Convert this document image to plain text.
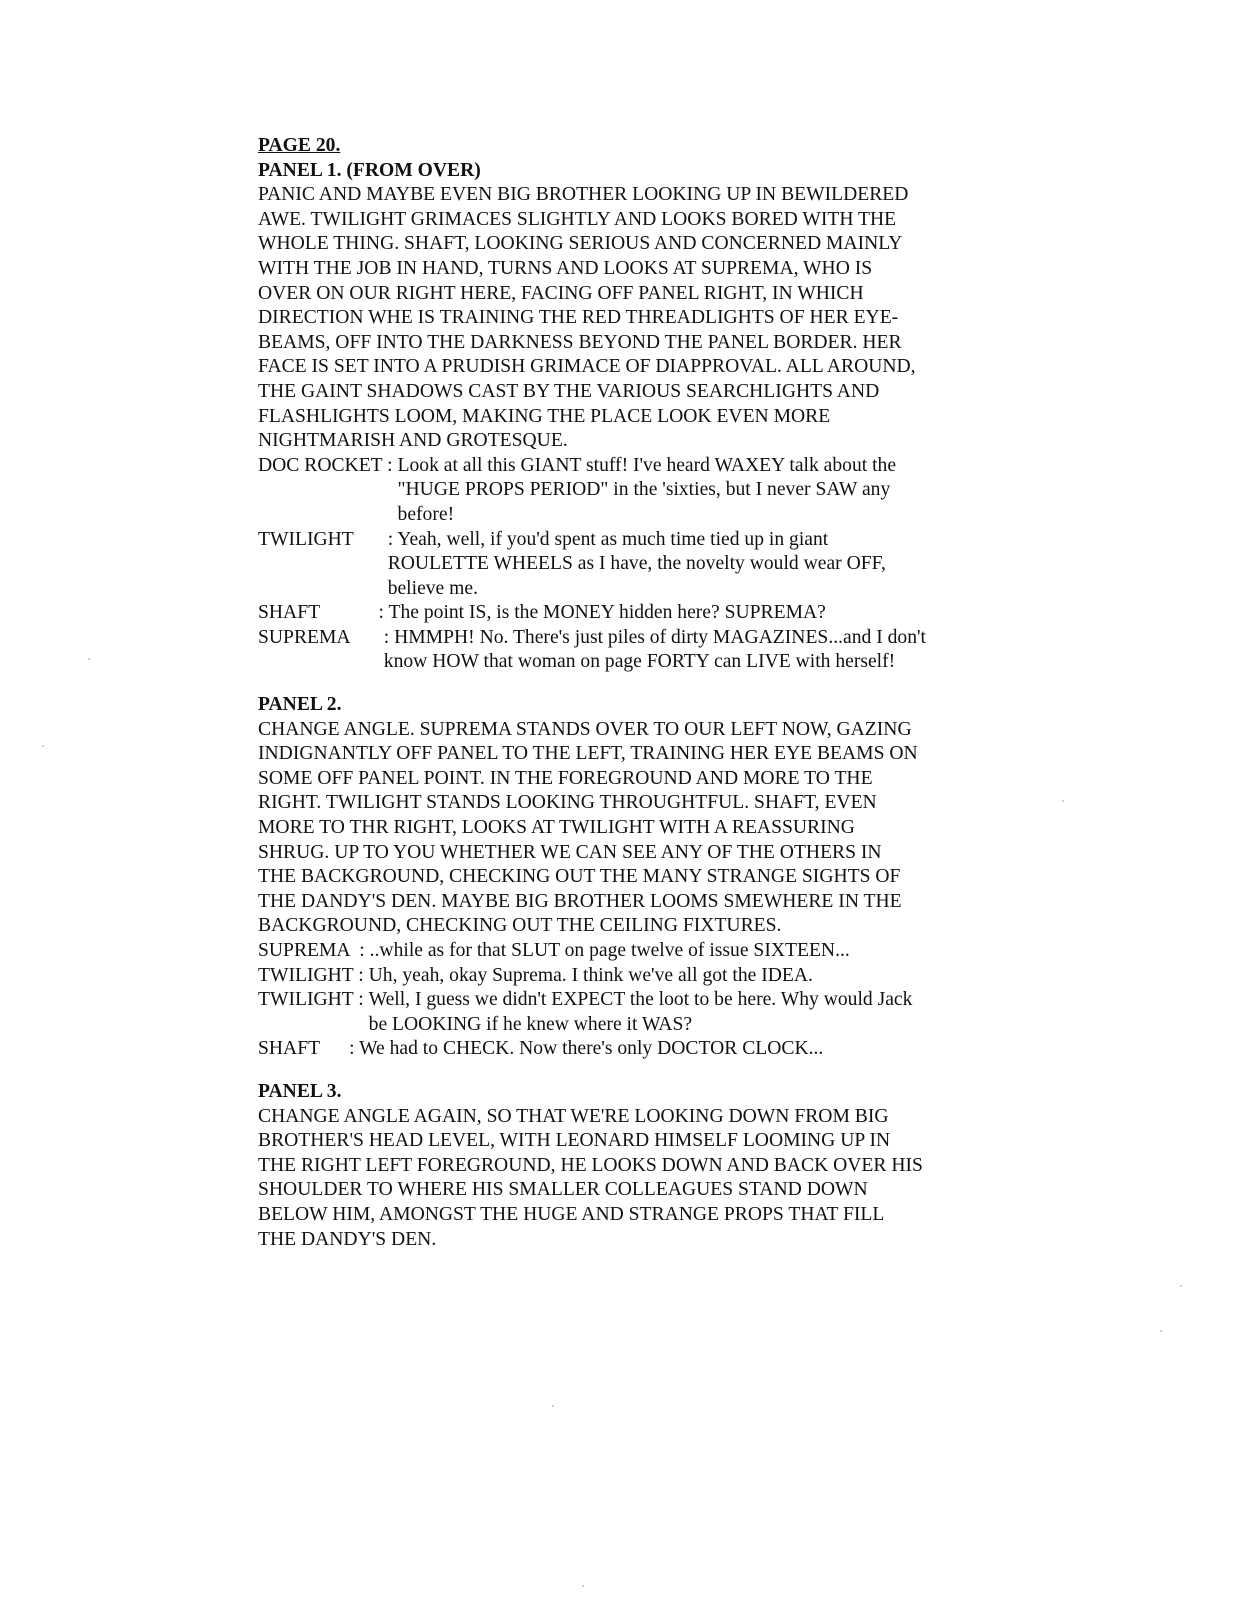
PAGE 20.

PANEL 1. (FROM OVER)

PANIC AND MAYBE EVEN BIG BROTHER LOOKING UP IN BEWILDERED
AWE. TWILIGHT GRIMACES SLIGHTLY AND LOOKS BORED WITH THE
WHOLE THING. SHAFT, LOOKING SERIOUS AND CONCERNED MAINLY
WITH THE JOB IN HAND, TURNS AND LOOKS AT SUPREMA, WHO IS
OVER ON OUR RIGHT HERE, FACING OFF PANEL RIGHT, IN WHICH
DIRECTION WHE IS TRAINING THE RED THREADLIGHTS OF HER EYE-
BEAMS, OFF INTO THE DARKNESS BEYOND THE PANEL BORDER. HER
FACE IS SET INTO A PRUDISH GRIMACE OF DIAPPROVAL. ALL AROUND,
THE GAINT SHADOWS CAST BY THE VARIOUS SEARCHLIGHTS AND
FLASHLIGHTS LOOM, MAKING THE PLACE LOOK EVEN MORE
NIGHTMARISH AND GROTESQUE.

DOC ROCKET : Look at all this GIANT stuff! I've heard WAXEY talk about the
"HUGE PROPS PERIOD" in the 'sixties, but I never SAW any
before!
TWILIGHT : Yeah, well, if you'd spent as much time tied up in giant
ROULETTE WHEELS as I have, the novelty would wear OFF,
believe me.
SHAFT : The point IS, is the MONEY hidden here? SUPREMA?
SUPREMA : HMMPH! No. There's just piles of dirty MAGAZINES...and I don't
know HOW that woman on page FORTY can LIVE with herself!

PANEL 2.

CHANGE ANGLE. SUPREMA STANDS OVER TO OUR LEFT NOW, GAZING
INDIGNANTLY OFF PANEL TO THE LEFT, TRAINING HER EYE BEAMS ON
SOME OFF PANEL POINT. IN THE FOREGROUND AND MORE TO THE
RIGHT. TWILIGHT STANDS LOOKING THROUGHTFUL. SHAFT, EVEN
MORE TO THR RIGHT, LOOKS AT TWILIGHT WITH A REASSURING
SHRUG. UP TO YOU WHETHER WE CAN SEE ANY OF THE OTHERS IN
THE BACKGROUND, CHECKING OUT THE MANY STRANGE SIGHTS OF
THE DANDY'S DEN. MAYBE BIG BROTHER LOOMS SMEWHERE IN THE
BACKGROUND, CHECKING OUT THE CEILING FIXTURES.

SUPREMA  : ..while as for that SLUT on page twelve of issue SIXTEEN...
TWILIGHT : Uh, yeah, okay Suprema. I think we've all got the IDEA.
TWILIGHT : Well, I guess we didn't EXPECT the loot to be here. Why would Jack
be LOOKING if he knew where it WAS?
SHAFT : We had to CHECK. Now there's only DOCTOR CLOCK...

PANEL 3.

CHANGE ANGLE AGAIN, SO THAT WE'RE LOOKING DOWN FROM BIG
BROTHER'S HEAD LEVEL, WITH LEONARD HIMSELF LOOMING UP IN
THE RIGHT LEFT FOREGROUND, HE LOOKS DOWN AND BACK OVER HIS
SHOULDER TO WHERE HIS SMALLER COLLEAGUES STAND DOWN
BELOW HIM, AMONGST THE HUGE AND STRANGE PROPS THAT FILL
THE DANDY'S DEN.
